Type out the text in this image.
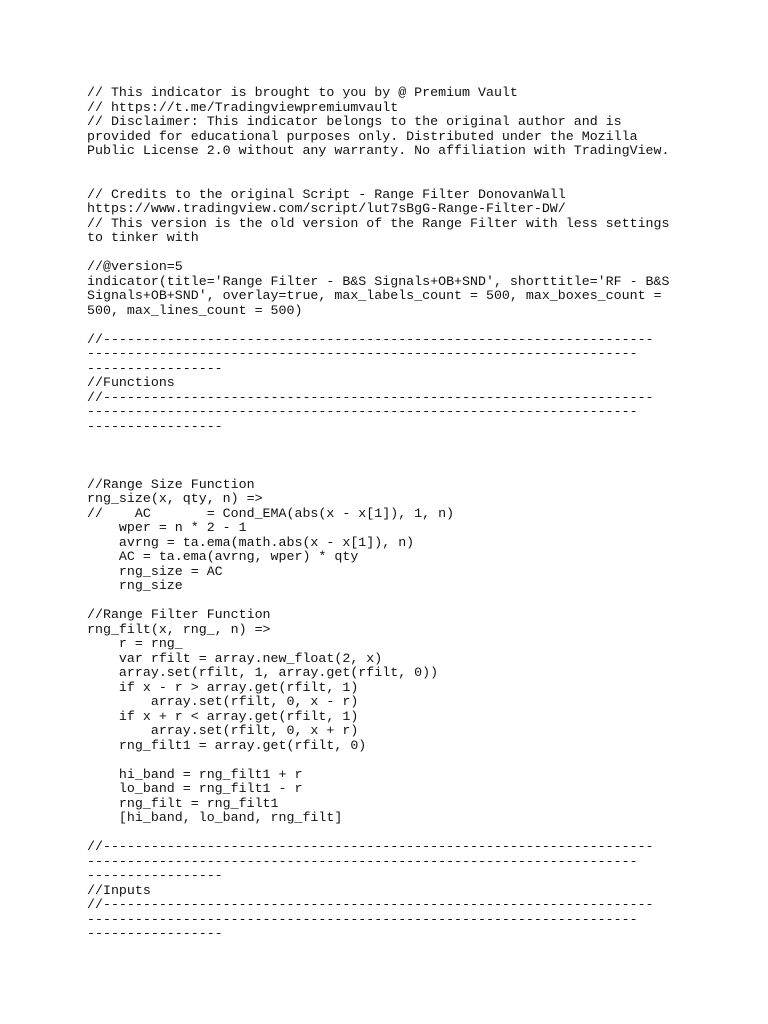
// This indicator is brought to you by @ Premium Vault
// https://t.me/Tradingviewpremiumvault
// Disclaimer: This indicator belongs to the original author and is
provided for educational purposes only. Distributed under the Mozilla
Public License 2.0 without any warranty. No affiliation with TradingView.
// Credits to the original Script - Range Filter DonovanWall
https://www.tradingview.com/script/lut7sBgG-Range-Filter-DW/
// This version is the old version of the Range Filter with less settings
to tinker with
//@version=5
indicator(title='Range Filter - B&S Signals+OB+SND', shorttitle='RF - B&S
Signals+OB+SND', overlay=true, max_labels_count = 500, max_boxes_count =
500, max_lines_count = 500)
//---------------------------------------------------------------------
---------------------------------------------------------------------
-----------------
//Functions
//---------------------------------------------------------------------
---------------------------------------------------------------------
-----------------
//Range Size Function
rng_size(x, qty, n) =>
//    AC       = Cond_EMA(abs(x - x[1]), 1, n)
wper = n * 2 - 1
avrng = ta.ema(math.abs(x - x[1]), n)
AC = ta.ema(avrng, wper) * qty
rng_size = AC
rng_size
//Range Filter Function
rng_filt(x, rng_, n) =>
r = rng_
var rfilt = array.new_float(2, x)
array.set(rfilt, 1, array.get(rfilt, 0))
if x - r > array.get(rfilt, 1)
array.set(rfilt, 0, x - r)
if x + r < array.get(rfilt, 1)
array.set(rfilt, 0, x + r)
rng_filt1 = array.get(rfilt, 0)
hi_band = rng_filt1 + r
lo_band = rng_filt1 - r
rng_filt = rng_filt1
[hi_band, lo_band, rng_filt]
//---------------------------------------------------------------------
---------------------------------------------------------------------
-----------------
//Inputs
//---------------------------------------------------------------------
---------------------------------------------------------------------
-----------------
